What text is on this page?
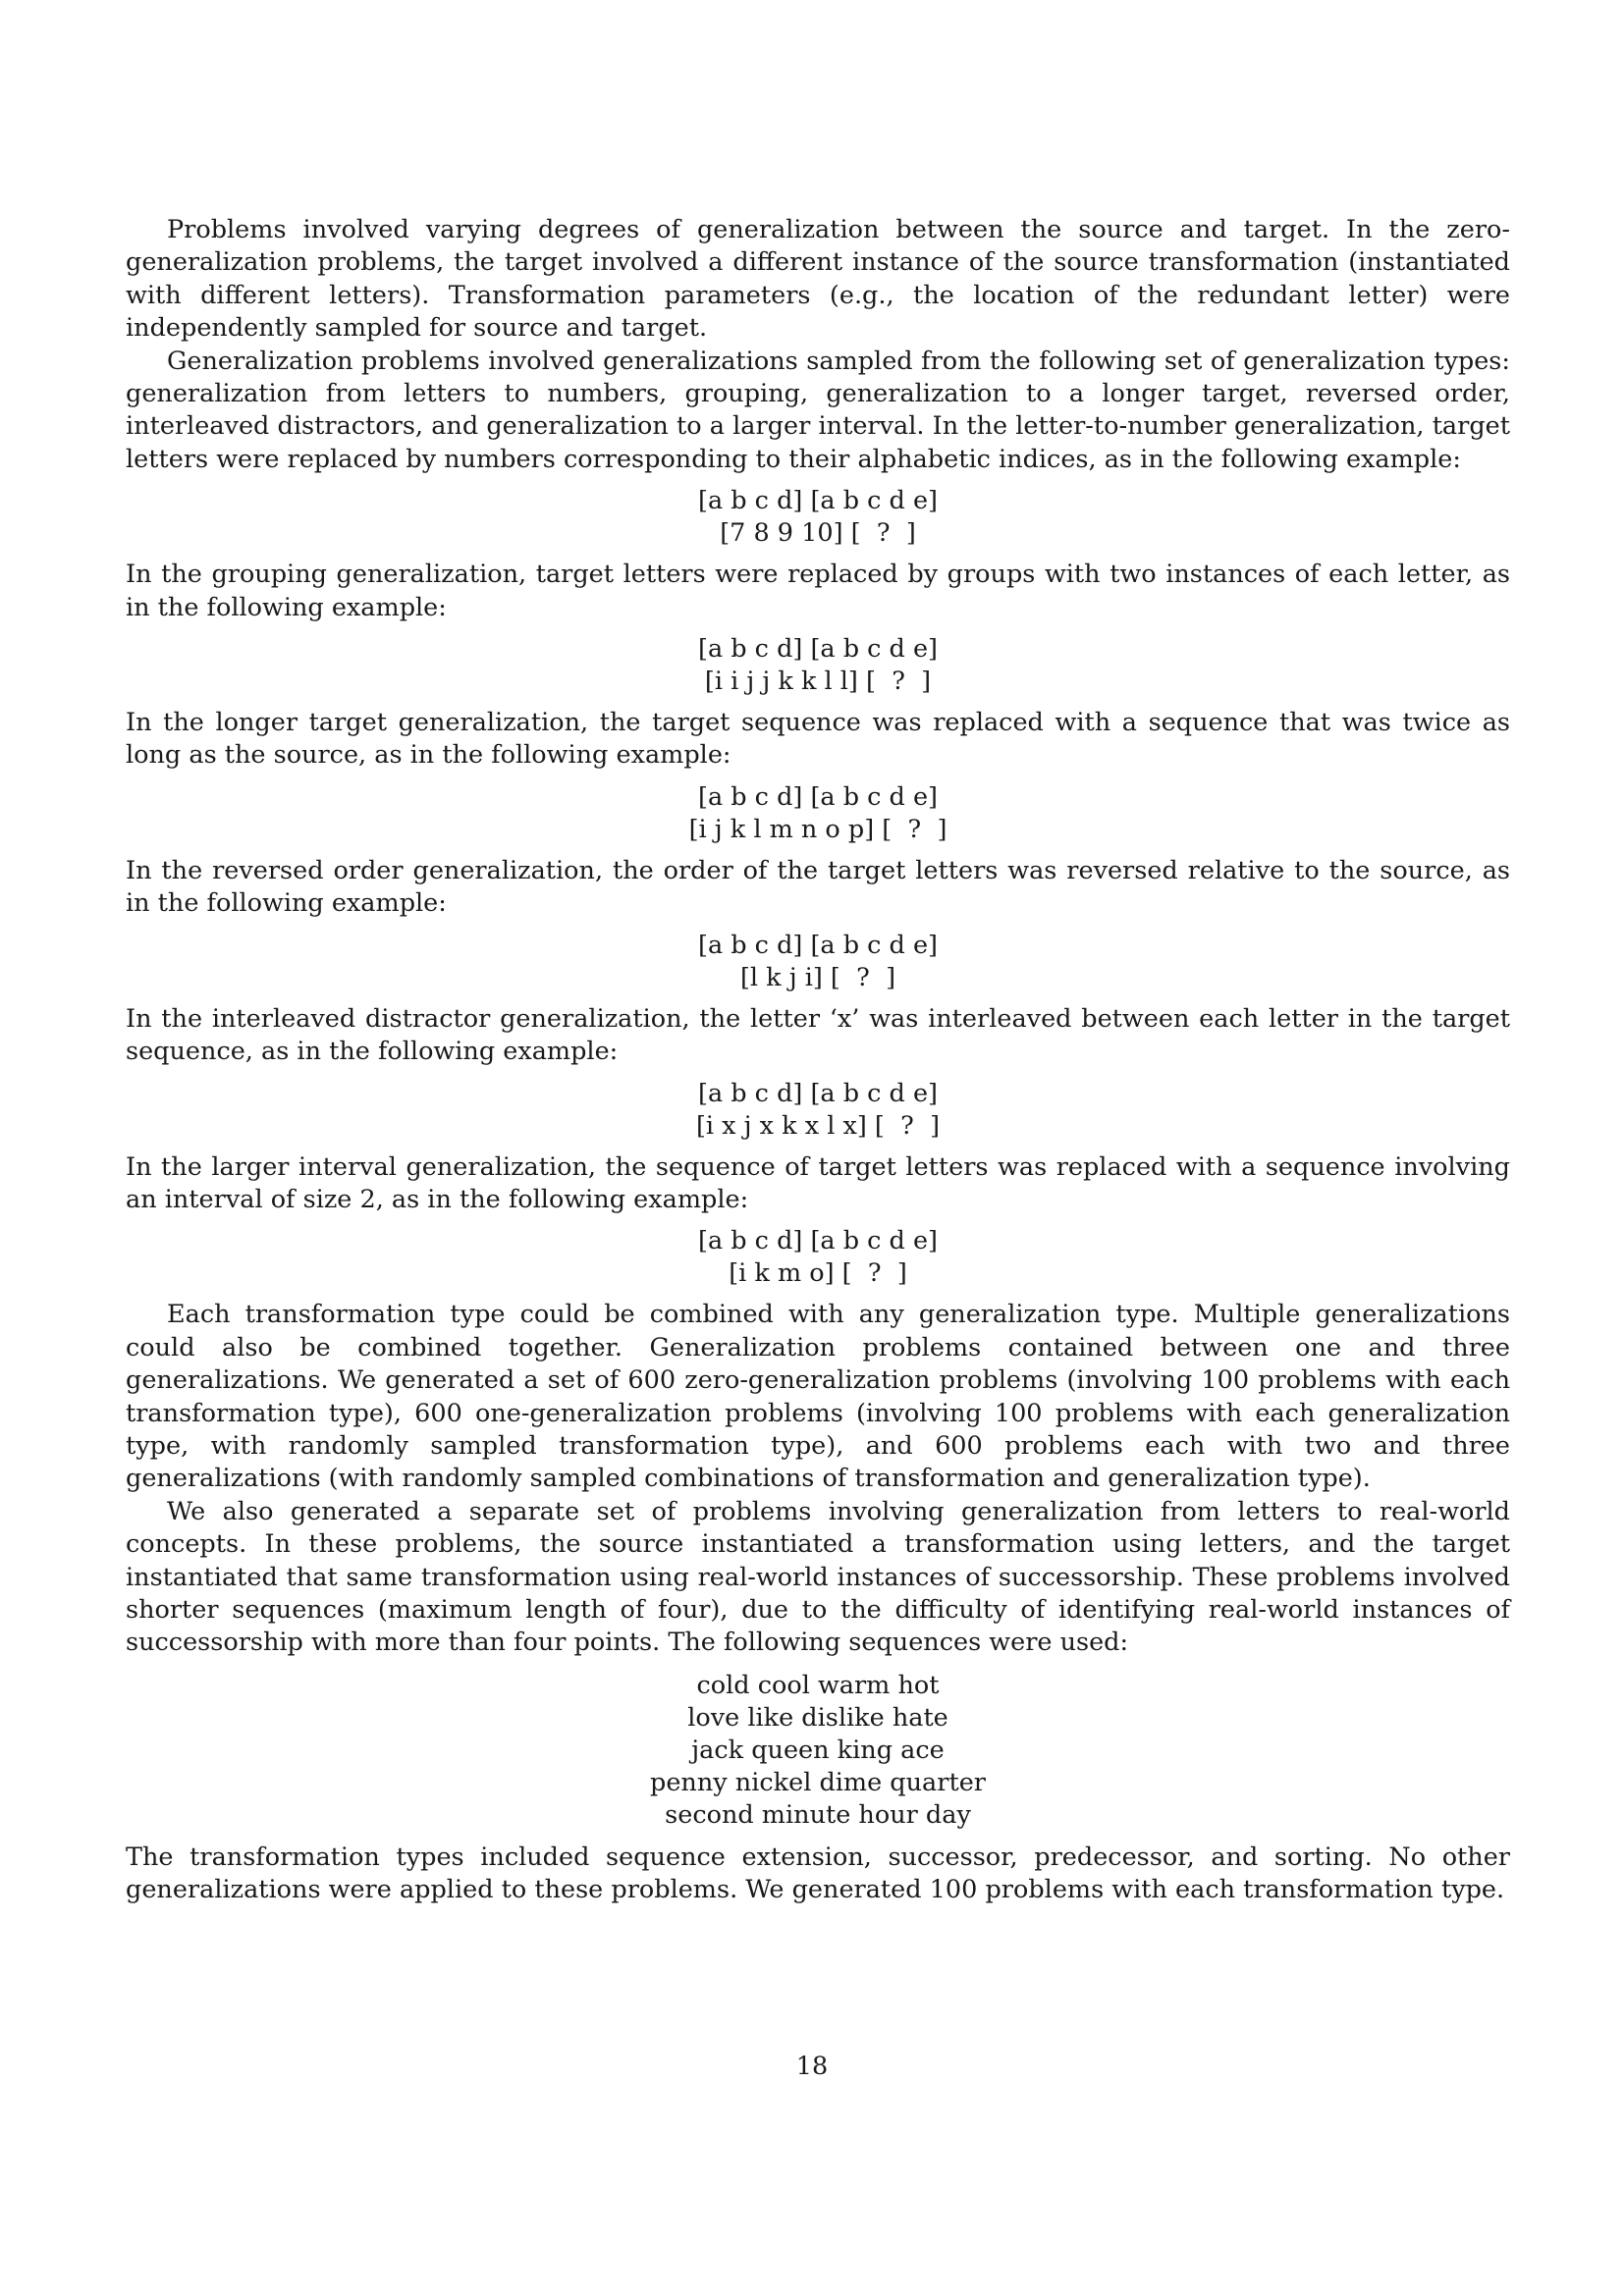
Problems involved varying degrees of generalization between the source and target. In the zero-generalization problems, the target involved a different instance of the source transformation (instantiated with different letters). Transformation parameters (e.g., the location of the redundant letter) were independently sampled for source and target.

Generalization problems involved generalizations sampled from the following set of generalization types: generalization from letters to numbers, grouping, generalization to a longer target, reversed order, interleaved distractors, and generalization to a larger interval. In the letter-to-number generalization, target letters were replaced by numbers corresponding to their alphabetic indices, as in the following example:

[a b c d] [a b c d e]
[7 8 9 10] [ ? ]

In the grouping generalization, target letters were replaced by groups with two instances of each letter, as in the following example:

[a b c d] [a b c d e]
[i i j j k k l l] [ ? ]

In the longer target generalization, the target sequence was replaced with a sequence that was twice as long as the source, as in the following example:

[a b c d] [a b c d e]
[i j k l m n o p] [ ? ]

In the reversed order generalization, the order of the target letters was reversed relative to the source, as in the following example:

[a b c d] [a b c d e]
[l k j i] [ ? ]

In the interleaved distractor generalization, the letter ‘x’ was interleaved between each letter in the target sequence, as in the following example:

[a b c d] [a b c d e]
[i x j x k x l x] [ ? ]

In the larger interval generalization, the sequence of target letters was replaced with a sequence involving an interval of size 2, as in the following example:

[a b c d] [a b c d e]
[i k m o] [ ? ]

Each transformation type could be combined with any generalization type. Multiple generalizations could also be combined together. Generalization problems contained between one and three generalizations. We generated a set of 600 zero-generalization problems (involving 100 problems with each transformation type), 600 one-generalization problems (involving 100 problems with each generalization type, with randomly sampled transformation type), and 600 problems each with two and three generalizations (with randomly sampled combinations of transformation and generalization type).

We also generated a separate set of problems involving generalization from letters to real-world concepts. In these problems, the source instantiated a transformation using letters, and the target instantiated that same transformation using real-world instances of successorship. These problems involved shorter sequences (maximum length of four), due to the difficulty of identifying real-world instances of successorship with more than four points. The following sequences were used:

cold cool warm hot
love like dislike hate
jack queen king ace
penny nickel dime quarter
second minute hour day

The transformation types included sequence extension, successor, predecessor, and sorting. No other generalizations were applied to these problems. We generated 100 problems with each transformation type.

18
